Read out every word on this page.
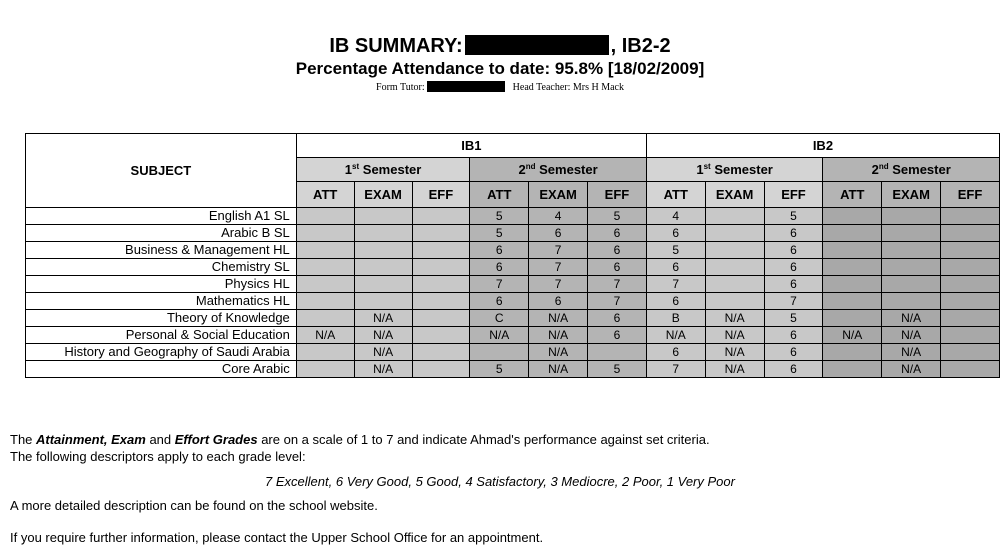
IB SUMMARY:	, IB2-2
Percentage Attendance to date: 95.8% [18/02/2009]
Form Tutor:	Head Teacher: Mrs H Mack
SUBJECT	IB1						IB2					
	1st Semester			2nd Semester			1st Semester			2nd Semester		
	ATT	EXAM	EFF	ATT	EXAM	EFF	ATT	EXAM	EFF	ATT	EXAM	EFF
English A1 SL				5	4	5	4		5			
Arabic B SL				5	6	6	6		6			
Business & Management HL				6	7	6	5		6			
Chemistry SL				6	7	6	6		6			
Physics HL				7	7	7	7		6			
Mathematics HL				6	6	7	6		7			
Theory of Knowledge		N/A		C	N/A	6	B	N/A	5		N/A	
Personal & Social Education	N/A	N/A		N/A	N/A	6	N/A	N/A	6	N/A	N/A	
History and Geography of Saudi Arabia		N/A			N/A		6	N/A	6		N/A	
Core Arabic		N/A		5	N/A	5	7	N/A	6		N/A	
The Attainment, Exam and Effort Grades are on a scale of 1 to 7 and indicate Ahmad's performance against set criteria.
The following descriptors apply to each grade level:
7 Excellent, 6 Very Good, 5 Good, 4 Satisfactory, 3 Mediocre, 2 Poor, 1 Very Poor
A more detailed description can be found on the school website.
If you require further information, please contact the Upper School Office for an appointment.
